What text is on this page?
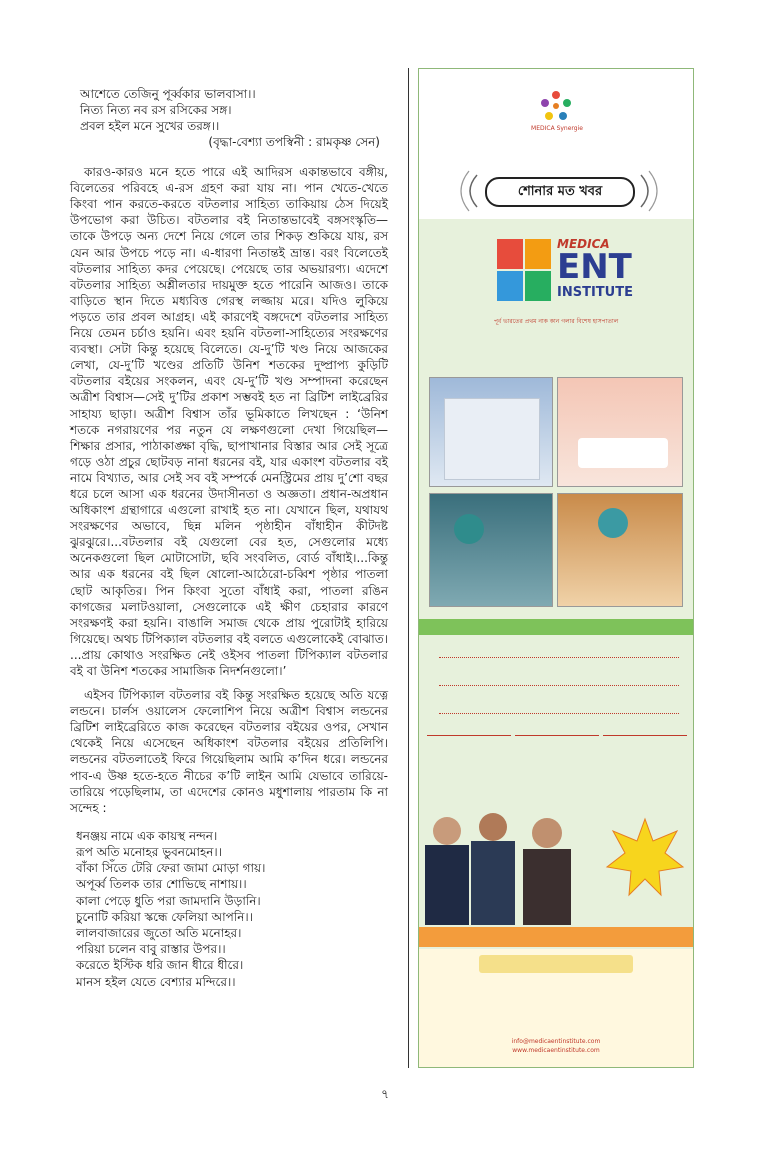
আশেতে তেজিনু পূর্ব্বকার ভালবাসা।।
নিত্য নিত্য নব রস রসিকের সঙ্গ।
প্রবল হইল মনে সুখের তরঙ্গ।।
(বৃদ্ধা-বেশ্যা তপস্বিনী : রামকৃষ্ণ সেন)

কারও-কারও মনে হতে পারে এই আদিরস একান্তভাবে বঙ্গীয়, বিলেতের পরিবহে এ-রস গ্রহণ করা যায় না। পান খেতে-খেতে কিংবা পান করতে-করতে বটতলার সাহিত্য তাকিয়ায় ঠেস দিয়েই উপভোগ করা উচিত। বটতলার বই নিতান্তভাবেই বঙ্গসংস্কৃতি—তাকে উপড়ে অন্য দেশে নিয়ে গেলে তার শিকড় শুকিয়ে যায়, রস যেন আর উপচে পড়ে না। এ-ধারণা নিতান্তই ভ্রান্ত। বরং বিলেতেই বটতলার সাহিত্য কদর পেয়েছে। পেয়েছে তার অভয়ারণ্য। এদেশে বটতলার সাহিত্য অশ্লীলতার দায়মুক্ত হতে পারেনি আজও। তাকে বাড়িতে স্থান দিতে মধ্যবিত্ত গেরস্থ লজ্জায় মরে। যদিও লুকিয়ে পড়তে তার প্রবল আগ্রহ। এই কারণেই বঙ্গদেশে বটতলার সাহিত্য নিয়ে তেমন চর্চাও হয়নি। এবং হয়নি বটতলা-সাহিত্যের সংরক্ষণের ব্যবস্থা। সেটা কিন্তু হয়েছে বিলেতে। যে-দু’টি খণ্ড নিয়ে আজকের লেখা, যে-দু’টি খণ্ডের প্রতিটি উনিশ শতকের দুষ্প্রাপ্য কুড়িটি বটতলার বইয়ের সংকলন, এবং যে-দু’টি খণ্ড সম্পাদনা করেছেন অত্রীশ বিশ্বাস—সেই দু’টির প্রকাশ সম্ভবই হত না ব্রিটিশ লাইব্রেরির সাহায্য ছাড়া। অত্রীশ বিশ্বাস তাঁর ভূমিকাতে লিখছেন : ‘উনিশ শতকে নগরায়ণের পর নতুন যে লক্ষণগুলো দেখা গিয়েছিল—শিক্ষার প্রসার, পাঠাকাঙ্ক্ষা বৃদ্ধি, ছাপাখানার বিস্তার আর সেই সূত্রে গড়ে ওঠা প্রচুর ছোটবড় নানা ধরনের বই, যার একাংশ বটতলার বই নামে বিখ্যাত, আর সেই সব বই সম্পর্কে মেনস্ট্রিমের প্রায় দু’শো বছর ধরে চলে আসা এক ধরনের উদাসীনতা ও অজ্ঞতা। প্রধান-অপ্রধান অধিকাংশ গ্রন্থাগারে এগুলো রাখাই হত না। যেখানে ছিল, যথাযথ সংরক্ষণের অভাবে, ছিন্ন মলিন পৃষ্ঠাহীন বাঁধাহীন কীটদষ্ট ঝুরঝুরে।...বটতলার বই যেগুলো বের হত, সেগুলোর মধ্যে অনেকগুলো ছিল মোটাসোটা, ছবি সংবলিত, বোর্ড বাঁধাই।...কিন্তু আর এক ধরনের বই ছিল ষোলো-আঠেরো-চব্বিশ পৃষ্ঠার পাতলা ছোট আকৃতির। পিন কিংবা সুতো বাঁধাই করা, পাতলা রঙিন কাগজের মলাটওয়ালা, সেগুলোকে এই ক্ষীণ চেহারার কারণে সংরক্ষণই করা হয়নি। বাঙালি সমাজ থেকে প্রায় পুরোটাই হারিয়ে গিয়েছে। অথচ টিপিক্যাল বটতলার বই বলতে এগুলোকেই বোঝাত। ...প্রায় কোথাও সংরক্ষিত নেই ওইসব পাতলা টিপিক্যাল বটতলার বই বা উনিশ শতকের সামাজিক নিদর্শনগুলো।’

এইসব টিপিক্যাল বটতলার বই কিন্তু সংরক্ষিত হয়েছে অতি যত্নে লন্ডনে। চার্লস ওয়ালেস ফেলোশিপ নিয়ে অত্রীশ বিশ্বাস লন্ডনের ব্রিটিশ লাইব্রেরিতে কাজ করেছেন বটতলার বইয়ের ওপর, সেখান থেকেই নিয়ে এসেছেন অধিকাংশ বটতলার বইয়ের প্রতিলিপি। লন্ডনের বটতলাতেই ফিরে গিয়েছিলাম আমি ক’দিন ধরে। লন্ডনের পাব-এ উষ্ণ হতে-হতে নীচের ক’টি লাইন আমি যেভাবে তারিয়ে-তারিয়ে পড়েছিলাম, তা এদেশের কোনও মধুশালায় পারতাম কি না সন্দেহ :

ধনঞ্জয় নামে এক কায়স্থ নন্দন।
রূপ অতি মনোহর ভুবনমোহন।।
বাঁকা সিঁতে টেরি ফেরা জামা মোড়া গায়।
অপূর্ব্ব তিলক তার শোভিছে নাশায়।।
কালা পেড়ে ধুতি পরা জামদানি উড়ানি।
চুনোটি করিয়া স্কন্ধে ফেলিয়া আপনি।।
লালবাজারের জুতো অতি মনোহর।
পরিয়া চলেন বাবু রাস্তার উপর।।
করেতে ইস্টিক ধরি জান ধীরে ধীরে।
মানস হইল যেতে বেশ্যার মন্দিরে।।
MEDICA Synergie
শোনার মত খবর
MEDICA
ENT
INSTITUTE
পূর্ব ভারতের প্রথম নাক কান গলার বিশেষ হাসপাতাল
info@medicaentinstitute.com
www.medicaentinstitute.com
৭
